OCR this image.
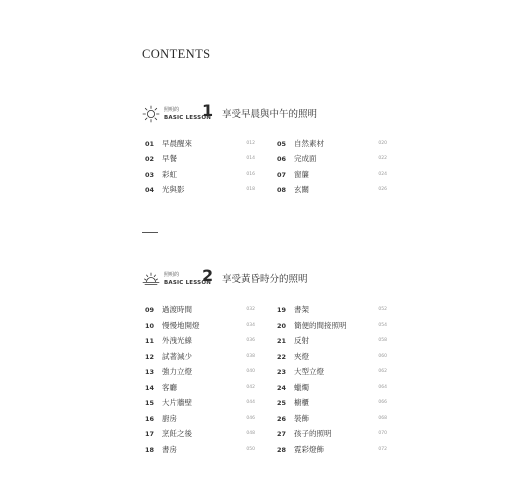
CONTENTS
照明的
BASIC LESSON
1 享受早晨與中午的照明
01 早晨醒來	012
02 早餐	014
03 彩虹	016
04 光與影	018
05 自然素材	020
06 完成面	022
07 窗簾	024
08 玄關	026
照明的
BASIC LESSON
2 享受黃昏時分的照明
09 過渡時間	032
10 慢慢地開燈	034
11 外洩光線	036
12 試著減少	038
13 強力立燈	040
14 客廳	042
15 大片牆壁	044
16 廚房	046
17 烹飪之後	048
18 書房	050
19 書架	052
20 簡便的間接照明	054
21 反射	058
22 夾燈	060
23 大型立燈	062
24 蠟燭	064
25 櫥櫃	066
26 裝飾	068
27 孩子的照明	070
28 霓彩燈飾	072
